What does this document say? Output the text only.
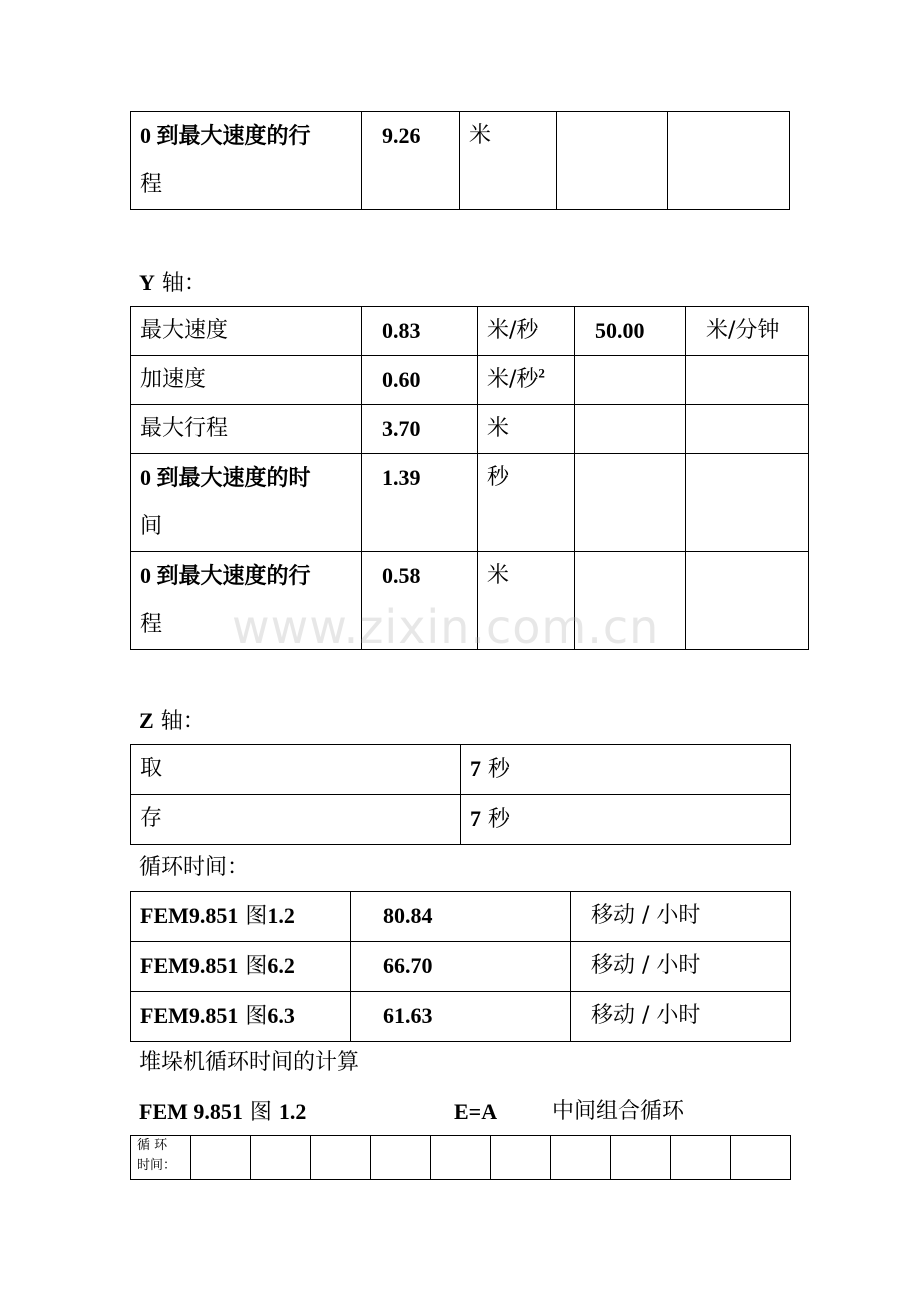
0 到最大速度的行
程
	9.26	米		
Y 轴：
最大速度	0.83	米/秒	50.00	米/分钟
加速度	0.60	米/秒$^2$		
最大行程	3.70	米		

0 到最大速度的时
间	1.39	秒		

0 到最大速度的行
程	0.58	米		
www.zixin.com.cn
Z 轴：
取	7 秒
存	7 秒
循环时间：
FEM9.851 图1.2	80.84	移动 / 小时
FEM9.851 图6.2	66.70	移动 / 小时
FEM9.851 图6.3	61.63	移动 / 小时
堆垛机循环时间的计算
FEM 9.851 图 1.2	E=A 中间组合循环
循 环
时间：										
